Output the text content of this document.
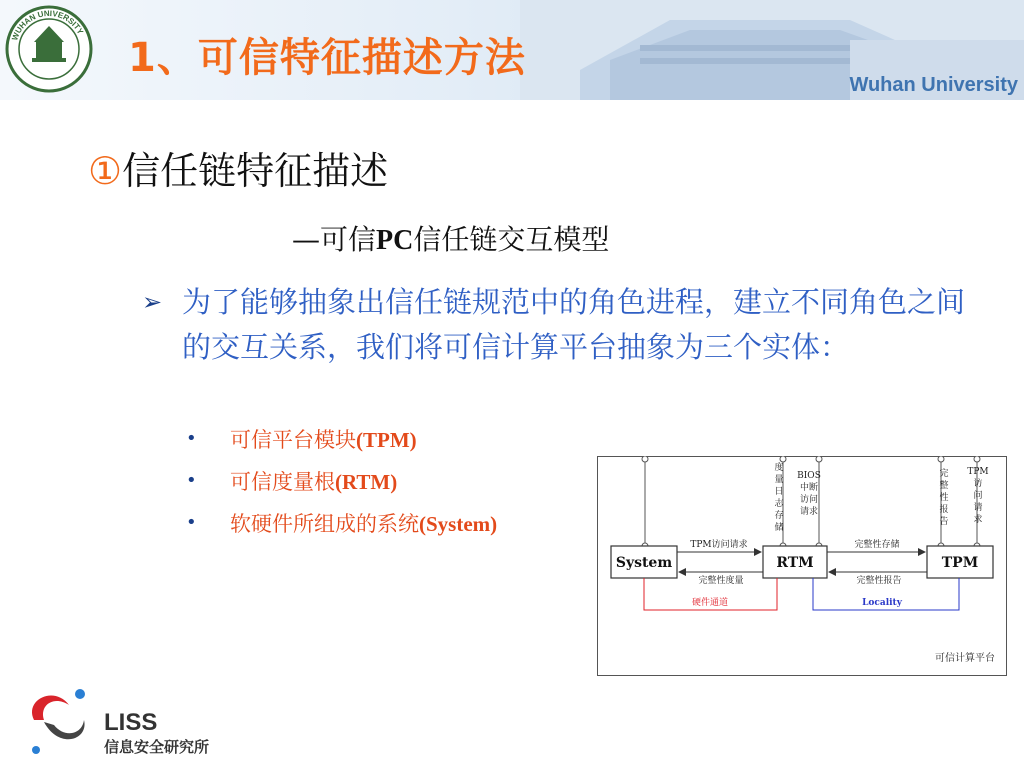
WUHAN UNIVERSITY
1、可信特征描述方法
Wuhan University
①信任链特征描述
—可信PC信任链交互模型
➢ 为了能够抽象出信任链规范中的角色进程，建立不同角色之间的交互关系，我们将可信计算平台抽象为三个实体：
• 可信平台模块(TPM)
• 可信度量根(RTM)
• 软硬件所组成的系统(System)
度
量
日
志
存
储
BIOS
中断
访问
请求
完
整
性
报
告
TPM
访
问
请
求
System	RTM	TPM
TPM访问请求
完整性度量
完整性存储
完整性报告
硬件通道	Locality
可信计算平台
LISS
信息安全研究所
